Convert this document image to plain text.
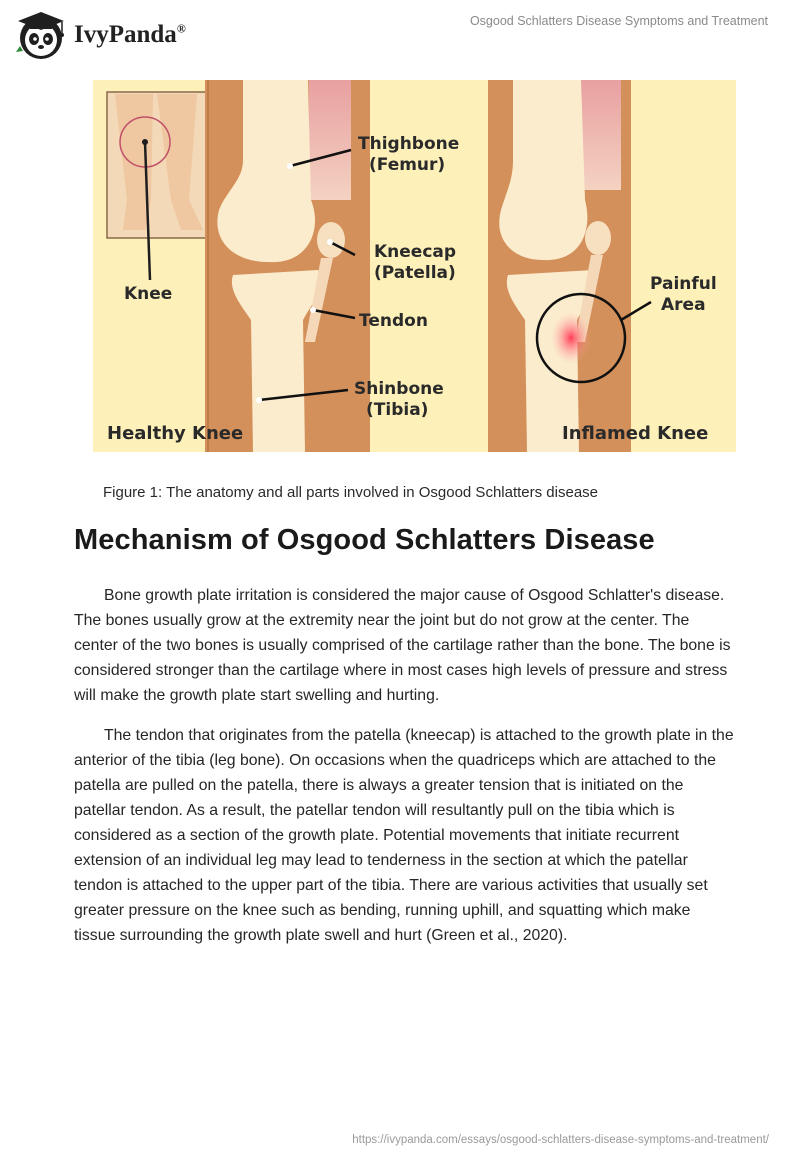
IvyPanda®
Osgood Schlatters Disease Symptoms and Treatment
Thighbone
(Femur)
Kneecap
(Patella)
Tendon
Shinbone
(Tibia)
Knee	Painful
Area
Healthy Knee	Inflamed Knee
Figure 1: The anatomy and all parts involved in Osgood Schlatters disease
Mechanism of Osgood Schlatters Disease

Bone growth plate irritation is considered the major cause of Osgood Schlatter's disease. The bones usually grow at the extremity near the joint but do not grow at the center. The center of the two bones is usually comprised of the cartilage rather than the bone. The bone is considered stronger than the cartilage where in most cases high levels of pressure and stress will make the growth plate start swelling and hurting.

The tendon that originates from the patella (kneecap) is attached to the growth plate in the anterior of the tibia (leg bone). On occasions when the quadriceps which are attached to the patella are pulled on the patella, there is always a greater tension that is initiated on the patellar tendon. As a result, the patellar tendon will resultantly pull on the tibia which is considered as a section of the growth plate. Potential movements that initiate recurrent extension of an individual leg may lead to tenderness in the section at which the patellar tendon is attached to the upper part of the tibia. There are various activities that usually set greater pressure on the knee such as bending, running uphill, and squatting which make tissue surrounding the growth plate swell and hurt (Green et al., 2020).

https://ivypanda.com/essays/osgood-schlatters-disease-symptoms-and-treatment/
